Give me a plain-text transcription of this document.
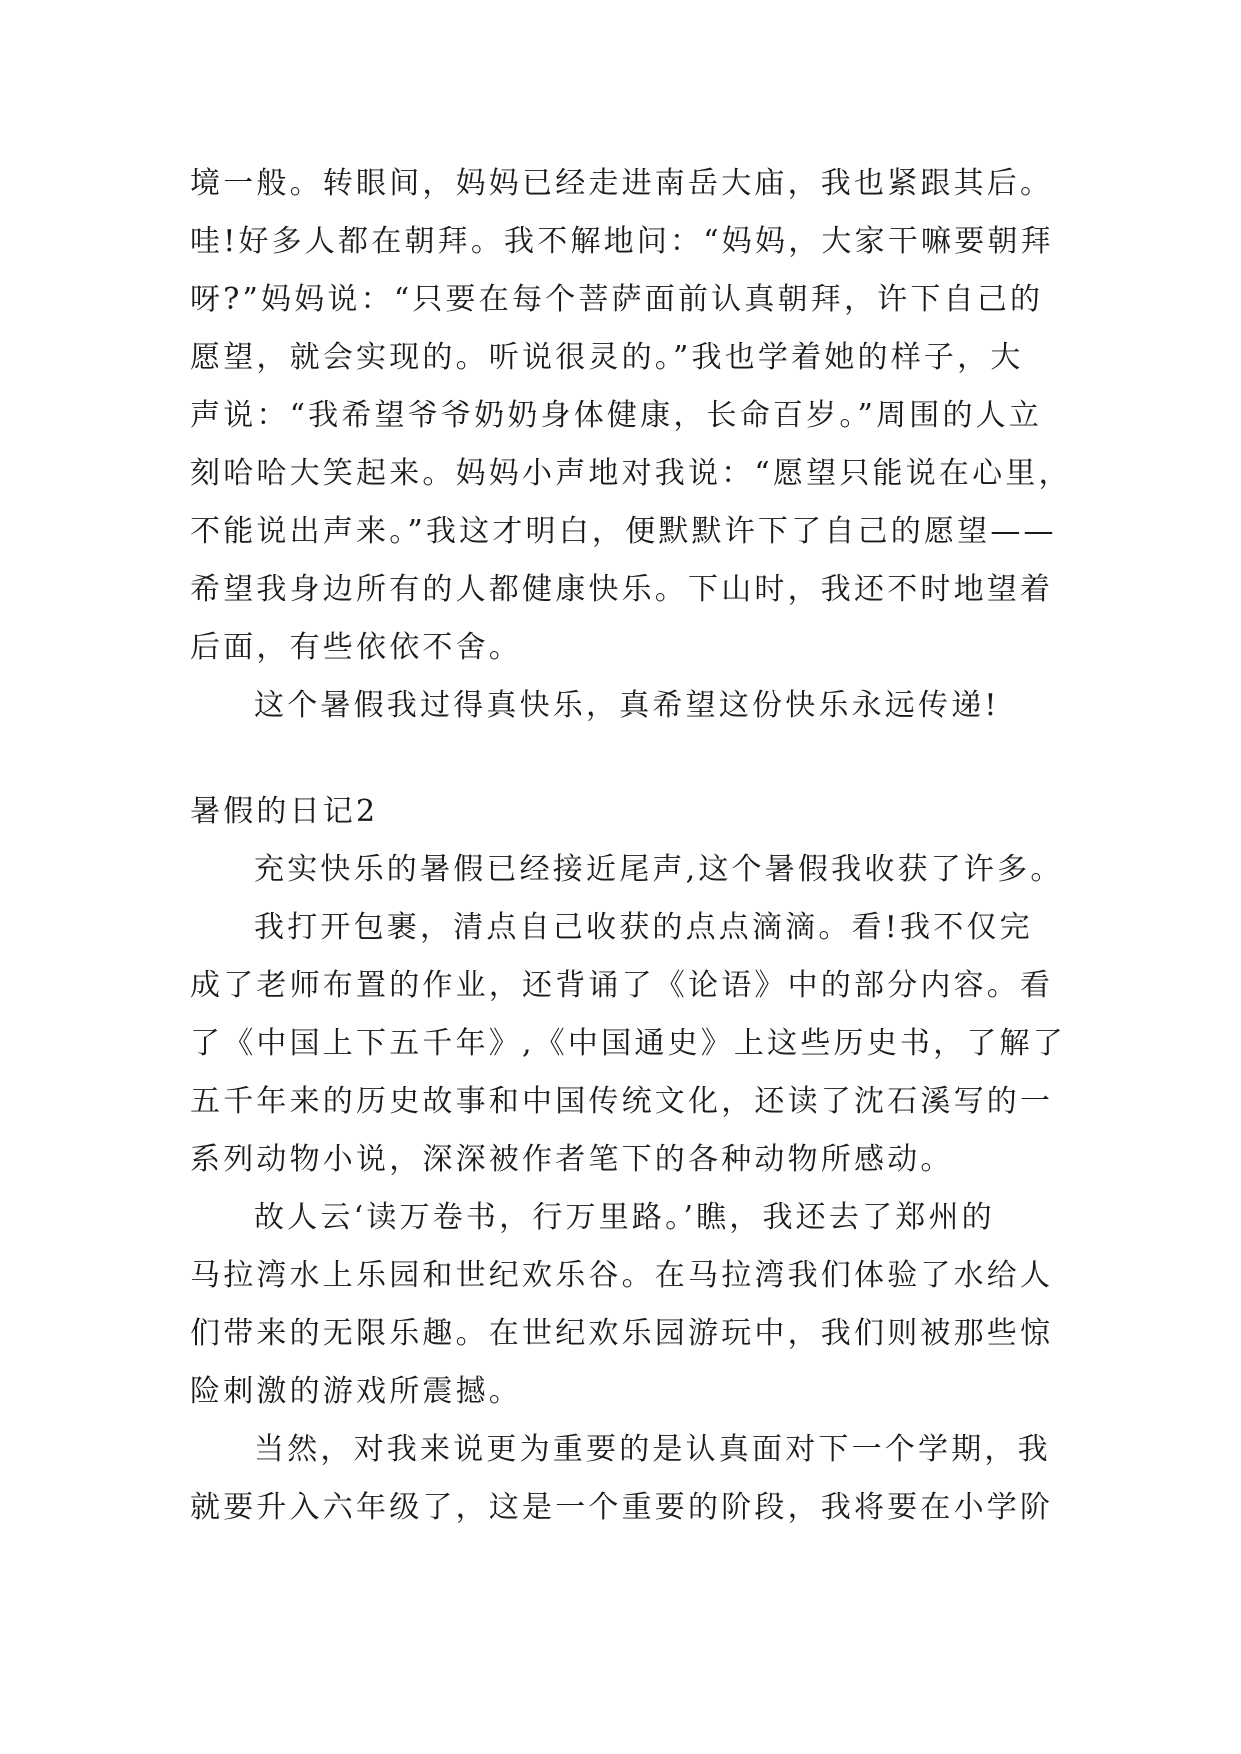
境一般。转眼间，妈妈已经走进南岳大庙，我也紧跟其后。
哇!好多人都在朝拜。我不解地问：“妈妈，大家干嘛要朝拜
呀?”妈妈说：“只要在每个菩萨面前认真朝拜，许下自己的
愿望，就会实现的。听说很灵的。”我也学着她的样子，大
声说：“我希望爷爷奶奶身体健康，长命百岁。”周围的人立
刻哈哈大笑起来。妈妈小声地对我说：“愿望只能说在心里，
不能说出声来。”我这才明白，便默默许下了自己的愿望——
希望我身边所有的人都健康快乐。下山时，我还不时地望着
后面，有些依依不舍。
这个暑假我过得真快乐，真希望这份快乐永远传递!
暑假的日记2
充实快乐的暑假已经接近尾声,这个暑假我收获了许多。
我打开包裹，清点自己收获的点点滴滴。看!我不仅完
成了老师布置的作业，还背诵了《论语》中的部分内容。看
了《中国上下五千年》,《中国通史》上这些历史书，了解了
五千年来的历史故事和中国传统文化，还读了沈石溪写的一
系列动物小说，深深被作者笔下的各种动物所感动。
故人云‘读万卷书，行万里路。’瞧，我还去了郑州的
马拉湾水上乐园和世纪欢乐谷。在马拉湾我们体验了水给人
们带来的无限乐趣。在世纪欢乐园游玩中，我们则被那些惊
险刺激的游戏所震撼。
当然，对我来说更为重要的是认真面对下一个学期，我
就要升入六年级了，这是一个重要的阶段，我将要在小学阶
